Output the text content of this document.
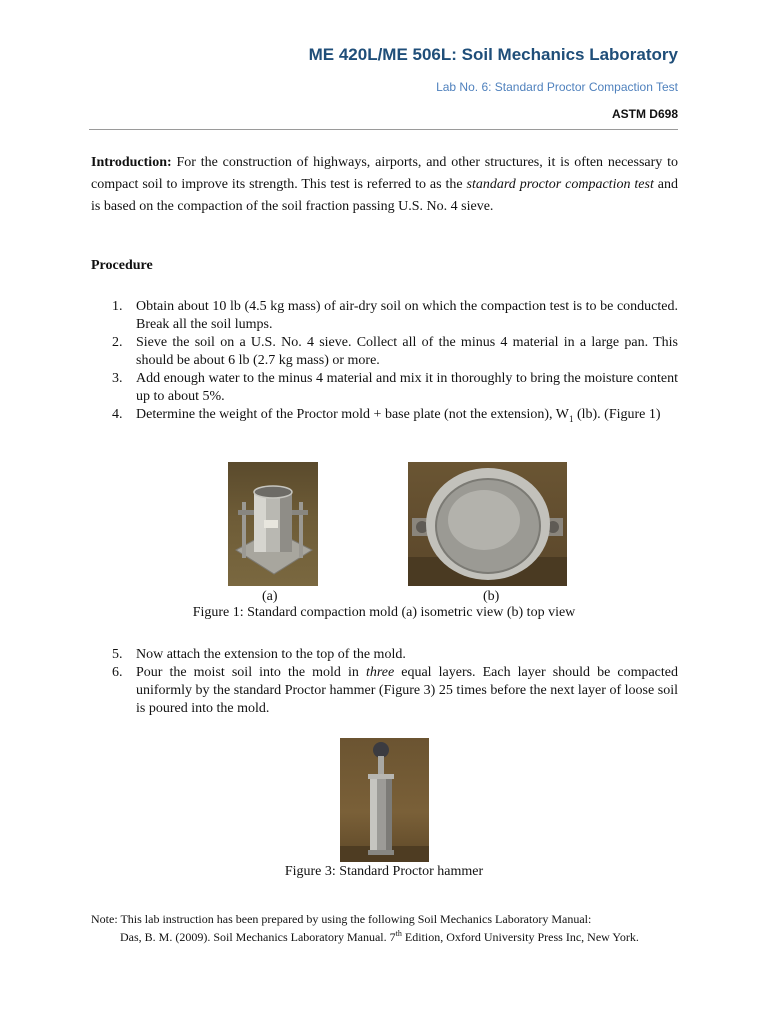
ME 420L/ME 506L: Soil Mechanics Laboratory
Lab No. 6: Standard Proctor Compaction Test
ASTM D698
Introduction: For the construction of highways, airports, and other structures, it is often necessary to compact soil to improve its strength. This test is referred to as the standard proctor compaction test and is based on the compaction of the soil fraction passing U.S. No. 4 sieve.
Procedure
1. Obtain about 10 lb (4.5 kg mass) of air-dry soil on which the compaction test is to be conducted. Break all the soil lumps.
2. Sieve the soil on a U.S. No. 4 sieve. Collect all of the minus 4 material in a large pan. This should be about 6 lb (2.7 kg mass) or more.
3. Add enough water to the minus 4 material and mix it in thoroughly to bring the moisture content up to about 5%.
4. Determine the weight of the Proctor mold + base plate (not the extension), $W_1$ (lb). (Figure 1)
(a)	(b)
Figure 1: Standard compaction mold (a) isometric view (b) top view
5. Now attach the extension to the top of the mold.
6. Pour the moist soil into the mold in three equal layers. Each layer should be compacted uniformly by the standard Proctor hammer (Figure 3) 25 times before the next layer of loose soil is poured into the mold.
Figure 3: Standard Proctor hammer
Note: This lab instruction has been prepared by using the following Soil Mechanics Laboratory Manual:
Das, B. M. (2009). Soil Mechanics Laboratory Manual. 7th Edition, Oxford University Press Inc, New York.
